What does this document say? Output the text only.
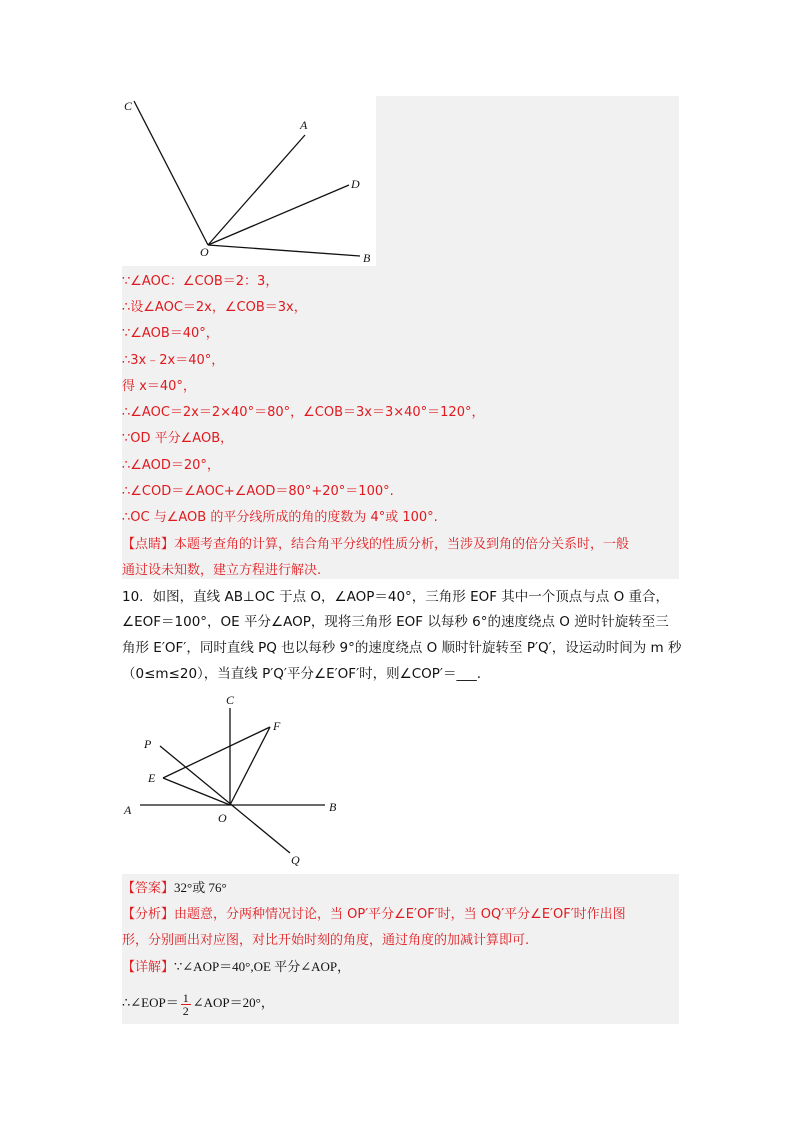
C
A
D
O	B
∵∠AOC：∠COB＝2：3，
∴设∠AOC＝2x，∠COB＝3x，
∵∠AOB＝40°，
∴3x﹣2x＝40°，
得 x＝40°，
∴∠AOC＝2x＝2×40°＝80°，∠COB＝3x＝3×40°＝120°，
∵OD 平分∠AOB，
∴∠AOD＝20°，
∴∠COD＝∠AOC+∠AOD＝80°+20°＝100°.
∴OC 与∠AOB 的平分线所成的角的度数为 4°或 100°.
【点睛】本题考查角的计算，结合角平分线的性质分析，当涉及到角的倍分关系时，一般
通过设未知数，建立方程进行解决.
10．如图，直线 AB⊥OC 于点 O，∠AOP＝40°，三角形 EOF 其中一个顶点与点 O 重合，
∠EOF＝100°，OE 平分∠AOP，现将三角形 EOF 以每秒 6°的速度绕点 O 逆时针旋转至三
角形 E′OF′，同时直线 PQ 也以每秒 9°的速度绕点 O 顺时针旋转至 P′Q′，设运动时间为 m 秒
（0≤m≤20），当直线 P′Q′平分∠E′OF′时，则∠COP′＝___.
C
F
P
E
A
O
B
Q
【答案】32°或 76°
【分析】由题意，分两种情况讨论，当 OP′平分∠E′OF′时，当 OQ′平分∠E′OF′时作出图
形，分别画出对应图，对比开始时刻的角度，通过角度的加减计算即可.
【详解】∵∠AOP＝40°,OE 平分∠AOP，
∴∠EOP＝ $\frac{1}{2}$ ∠AOP＝20°，
